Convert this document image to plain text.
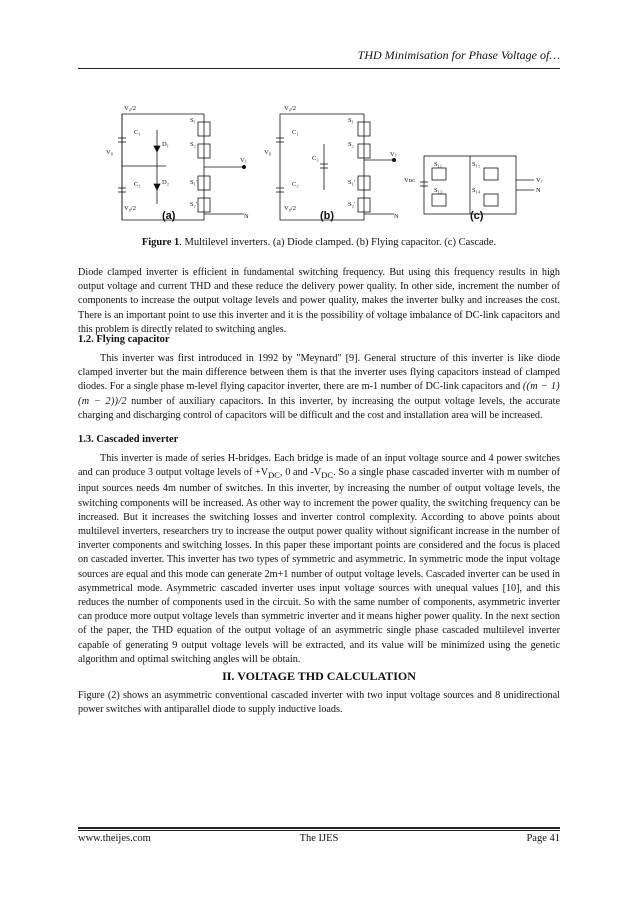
THD Minimisation for Phase Voltage of…
V₀/2
V₀/2
V₀
C₁
C₂
D₁
D₂
S₁
S₂
S₁'
S₂'
Vⱼ
N
V₀/2
V₀/2
V₀
C₁
C₂
C₃
S₁
S₂
S₁'
S₂'
Vⱼ
N
S₁₁	S₁₂
S₁₃	S₁₄
Vᴅᴄ	Vⱼ
N
(a)	(b)	(c)
Figure 1. Multilevel inverters. (a) Diode clamped. (b) Flying capacitor. (c) Cascade.

Diode clamped inverter is efficient in fundamental switching frequency. But using this frequency results in high output voltage and current THD and these reduce the delivery power quality. In other side, increment the number of components to increase the output voltage levels and power quality, makes the inverter bulky and increases the cost. There is an important point to use this inverter and it is the possibility of voltage imbalance of DC-link capacitors and this problem is directly related to switching angles.

1.2. Flying capacitor

This inverter was first introduced in 1992 by "Meynard" [9]. General structure of this inverter is like diode clamped inverter but the main difference between them is that the inverter uses flying capacitors instead of clamped diodes. For a single phase m-level flying capacitor inverter, there are m-1 number of DC-link capacitors and ((m − 1)(m − 2))/2 number of auxiliary capacitors. In this inverter, by increasing the output voltage levels, the accurate charging and discharging control of capacitors will be difficult and the cost and installation area will be increased.

1.3. Cascaded inverter

This inverter is made of series H-bridges. Each bridge is made of an input voltage source and 4 power switches and can produce 3 output voltage levels of $+V_{DC}$, 0 and $-V_{DC}$. So a single phase cascaded inverter with m number of input sources needs 4m number of switches. In this inverter, by increasing the number of output voltage levels, the switching components will be increased. As other way to increment the power quality, the switching frequency can be increased. But it increases the switching losses and inverter control complexity. According to above points about multilevel inverters, researchers try to increase the output power quality without significant increase in the number of inverter components and switching losses. In this paper these important points are considered and the focus is placed on cascaded inverter. This inverter has two types of symmetric and asymmetric. In symmetric mode the input voltage sources are equal and this mode can generate 2m+1 number of output voltage levels. Cascaded inverter can be used in asymmetrical mode. Asymmetric cascaded inverter uses input voltage sources with unequal values [10], and this reduces the number of components used in the circuit. So with the same number of components, asymmetric inverter can produce more output voltage levels than symmetric inverter and it means higher power quality. In the next section of the paper, the THD equation of the output voltage of an asymmetric single phase cascaded multilevel inverter capable of generating 9 output voltage levels will be extracted, and its value will be minimized using the genetic algorithm and optimal switching angles will be obtain.

II. VOLTAGE THD CALCULATION

Figure (2) shows an asymmetric conventional cascaded inverter with two input voltage sources and 8 unidirectional power switches with antiparallel diode to supply inductive loads.

www.theijes.com	The IJES	Page 41
